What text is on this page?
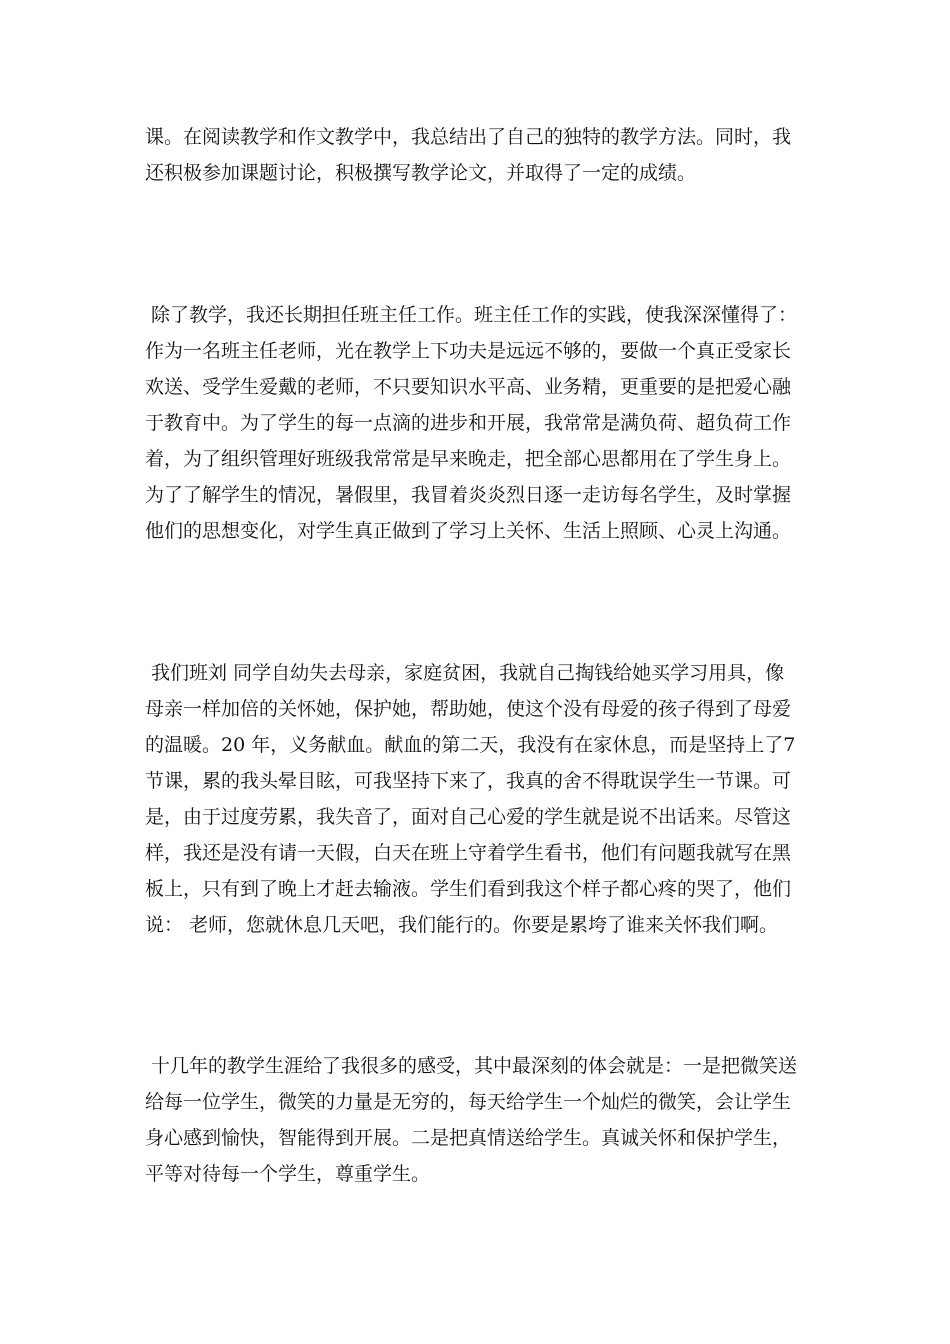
课。在阅读教学和作文教学中，我总结出了自己的独特的教学方法。同时，我
还积极参加课题讨论，积极撰写教学论文，并取得了一定的成绩。
除了教学，我还长期担任班主任工作。班主任工作的实践，使我深深懂得了：
作为一名班主任老师，光在教学上下功夫是远远不够的，要做一个真正受家长
欢送、受学生爱戴的老师，不只要知识水平高、业务精，更重要的是把爱心融
于教育中。为了学生的每一点滴的进步和开展，我常常是满负荷、超负荷工作
着，为了组织管理好班级我常常是早来晚走，把全部心思都用在了学生身上。
为了了解学生的情况，暑假里，我冒着炎炎烈日逐一走访每名学生，及时掌握
他们的思想变化，对学生真正做到了学习上关怀、生活上照顾、心灵上沟通。
我们班刘 同学自幼失去母亲，家庭贫困，我就自己掏钱给她买学习用具，像
母亲一样加倍的关怀她，保护她，帮助她，使这个没有母爱的孩子得到了母爱
的温暖。20 年，义务献血。献血的第二天，我没有在家休息，而是坚持上了7
节课，累的我头晕目眩，可我坚持下来了，我真的舍不得耽误学生一节课。可
是，由于过度劳累，我失音了，面对自己心爱的学生就是说不出话来。尽管这
样，我还是没有请一天假，白天在班上守着学生看书，他们有问题我就写在黑
板上，只有到了晚上才赶去输液。学生们看到我这个样子都心疼的哭了，他们
说： 老师，您就休息几天吧，我们能行的。你要是累垮了谁来关怀我们啊。
十几年的教学生涯给了我很多的感受，其中最深刻的体会就是：一是把微笑送
给每一位学生，微笑的力量是无穷的，每天给学生一个灿烂的微笑，会让学生
身心感到愉快，智能得到开展。二是把真情送给学生。真诚关怀和保护学生，
平等对待每一个学生，尊重学生。
